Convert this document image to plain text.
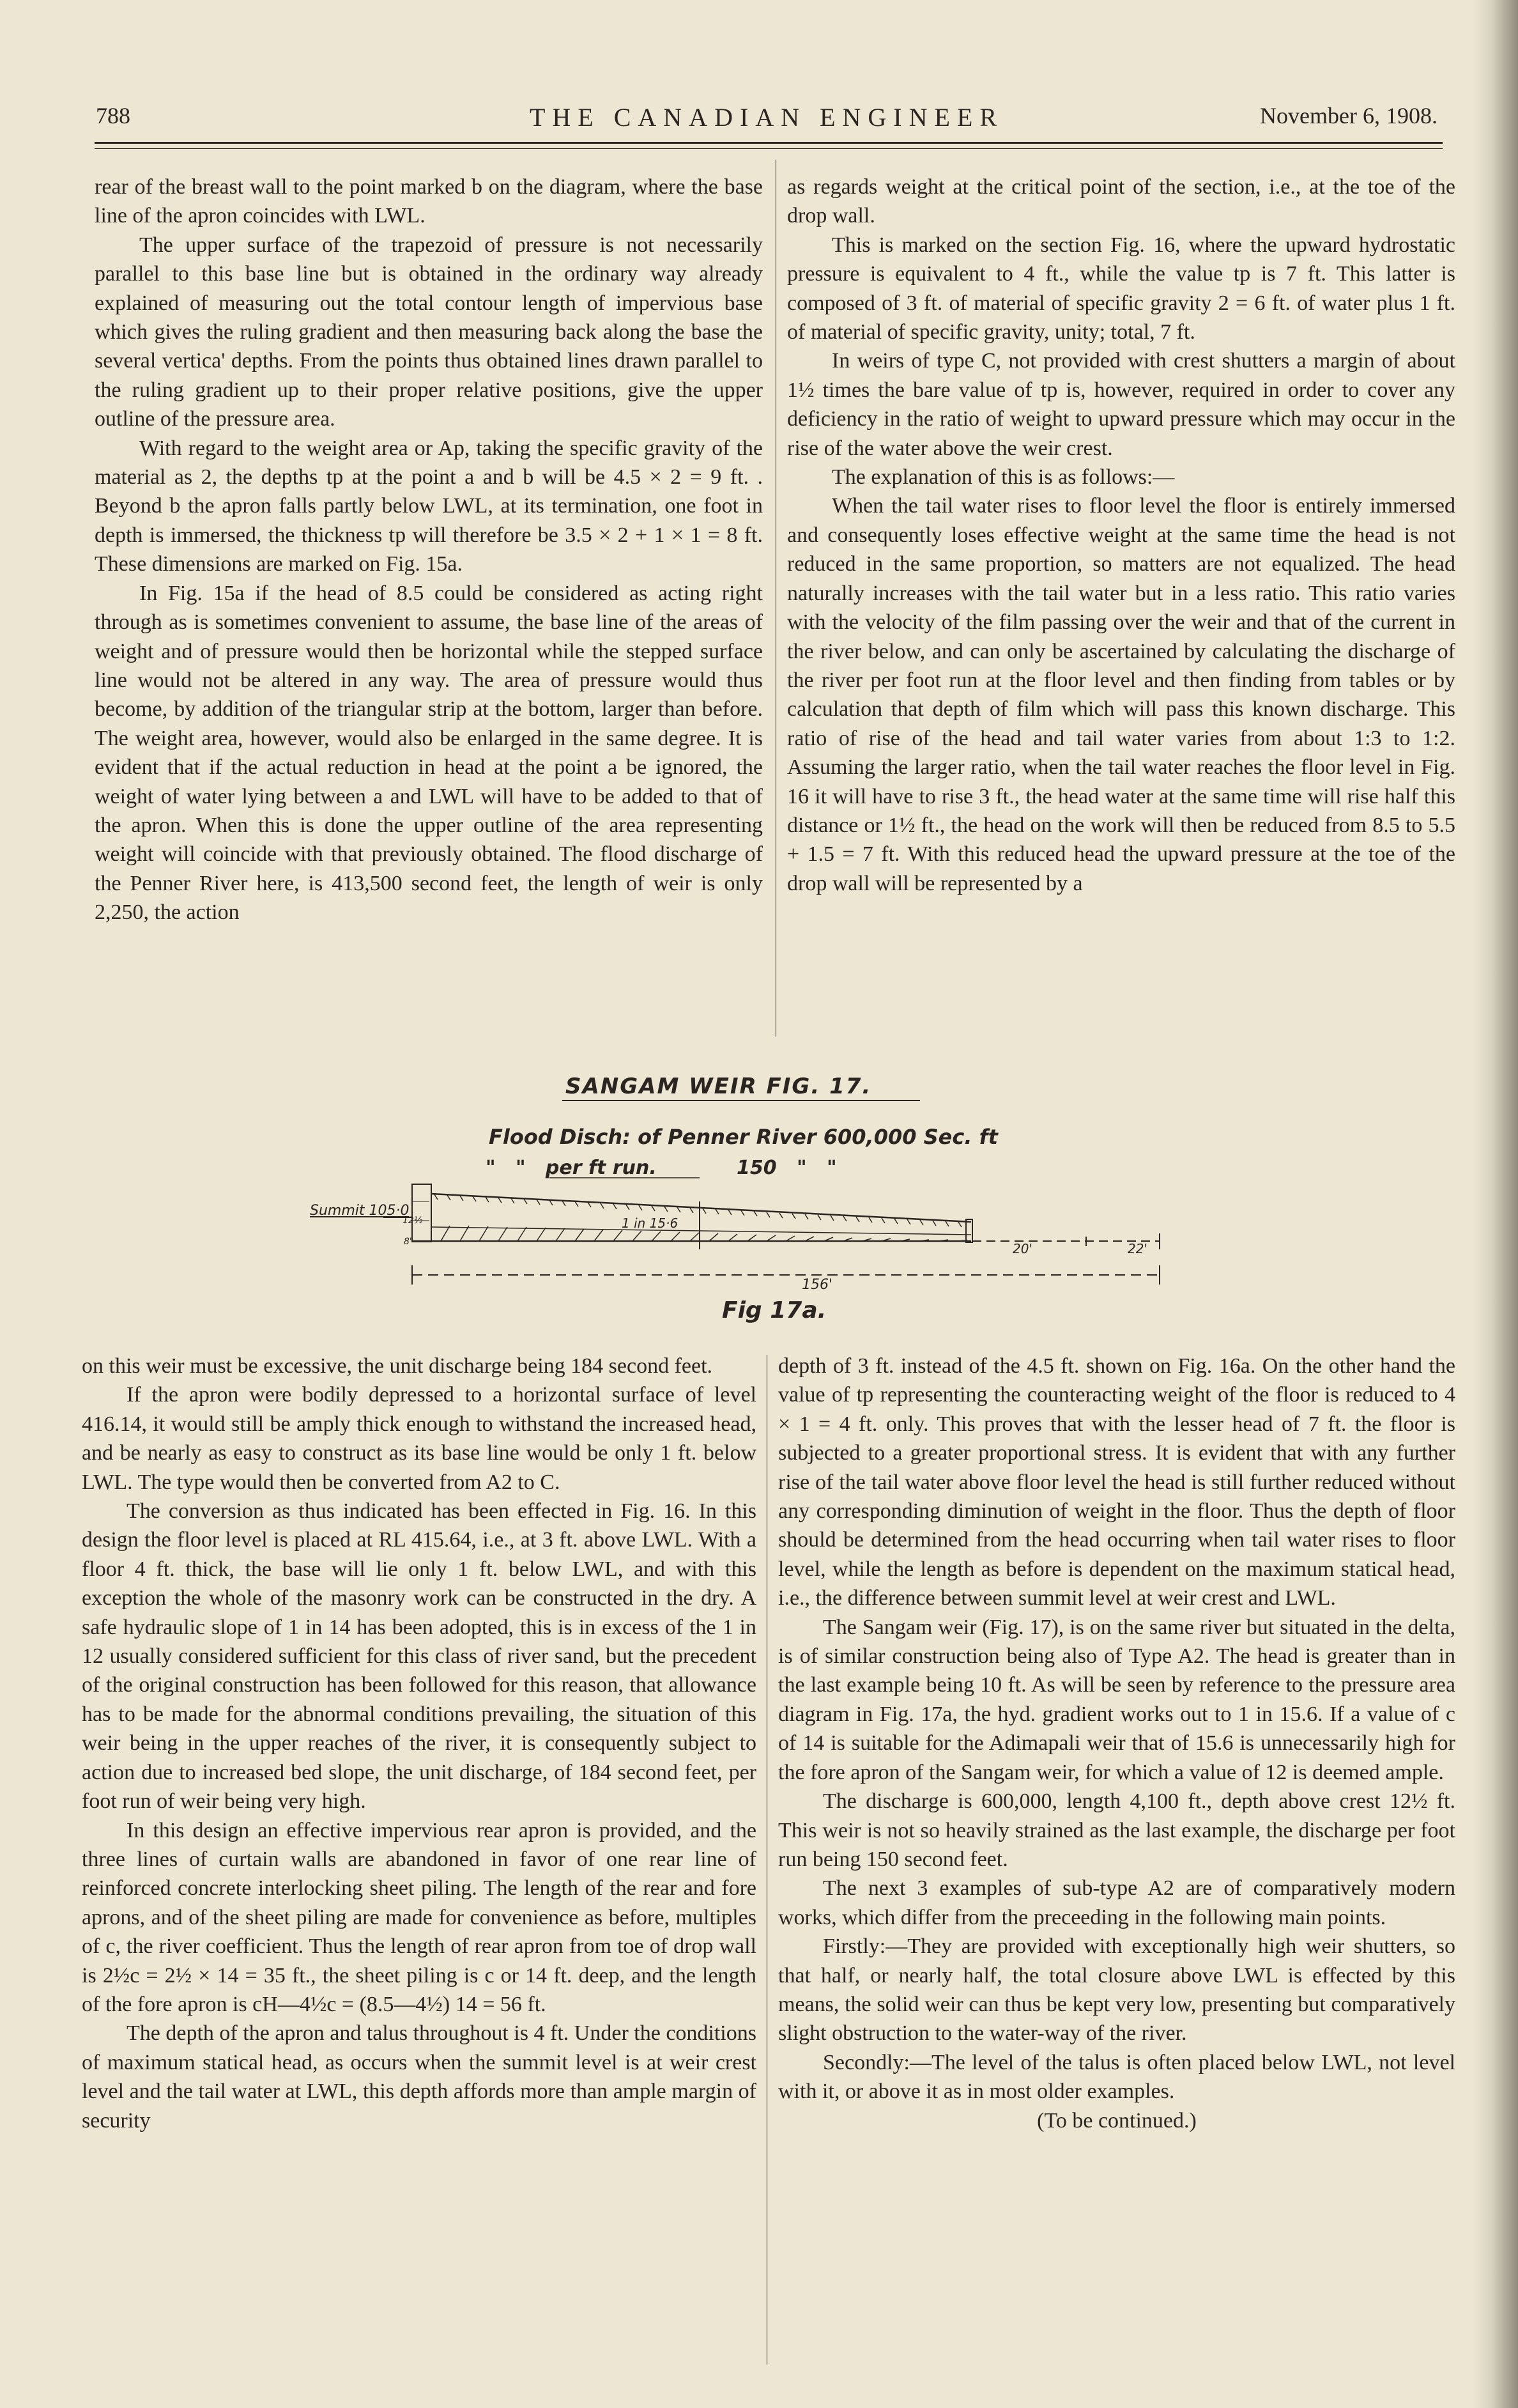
788	THE CANADIAN ENGINEER	November 6, 1908.

rear of the breast wall to the point marked b on the diagram, where the base line of the apron coincides with LWL.

The upper surface of the trapezoid of pressure is not necessarily parallel to this base line but is obtained in the ordinary way already explained of measuring out the total contour length of impervious base which gives the ruling gradient and then measuring back along the base the several vertica' depths. From the points thus obtained lines drawn parallel to the ruling gradient up to their proper relative positions, give the upper outline of the pressure area.

With regard to the weight area or Ap, taking the specific gravity of the material as 2, the depths tp at the point a and b will be 4.5 × 2 = 9 ft. . Beyond b the apron falls partly below LWL, at its termination, one foot in depth is immersed, the thickness tp will therefore be 3.5 × 2 + 1 × 1 = 8 ft. These dimensions are marked on Fig. 15a.

In Fig. 15a if the head of 8.5 could be considered as acting right through as is sometimes convenient to assume, the base line of the areas of weight and of pressure would then be horizontal while the stepped surface line would not be altered in any way. The area of pressure would thus become, by addition of the triangular strip at the bottom, larger than before. The weight area, however, would also be enlarged in the same degree. It is evident that if the actual reduction in head at the point a be ignored, the weight of water lying between a and LWL will have to be added to that of the apron. When this is done the upper outline of the area representing weight will coincide with that previously obtained. The flood discharge of the Penner River here, is 413,500 second feet, the length of weir is only 2,250, the action

as regards weight at the critical point of the section, i.e., at the toe of the drop wall.

This is marked on the section Fig. 16, where the upward hydrostatic pressure is equivalent to 4 ft., while the value tp is 7 ft. This latter is composed of 3 ft. of material of specific gravity 2 = 6 ft. of water plus 1 ft. of material of specific gravity, unity; total, 7 ft.

In weirs of type C, not provided with crest shutters a margin of about 1½ times the bare value of tp is, however, required in order to cover any deficiency in the ratio of weight to upward pressure which may occur in the rise of the water above the weir crest.

The explanation of this is as follows:—

When the tail water rises to floor level the floor is entirely immersed and consequently loses effective weight at the same time the head is not reduced in the same proportion, so matters are not equalized. The head naturally increases with the tail water but in a less ratio. This ratio varies with the velocity of the film passing over the weir and that of the current in the river below, and can only be ascertained by calculating the discharge of the river per foot run at the floor level and then finding from tables or by calculation that depth of film which will pass this known discharge. This ratio of rise of the head and tail water varies from about 1:3 to 1:2. Assuming the larger ratio, when the tail water reaches the floor level in Fig. 16 it will have to rise 3 ft., the head water at the same time will rise half this distance or 1½ ft., the head on the work will then be reduced from 8.5 to 5.5 + 1.5 = 7 ft. With this reduced head the upward pressure at the toe of the drop wall will be represented by a

SANGAM WEIR FIG. 17.
Flood Disch: of Penner River 600,000 Sec. ft
"   "   per ft run.            150   "   "
Summit 105·0
1 in 15·6
20'	22'
156'
12½
8'
Fig 17a.

on this weir must be excessive, the unit discharge being 184 second feet.

If the apron were bodily depressed to a horizontal surface of level 416.14, it would still be amply thick enough to withstand the increased head, and be nearly as easy to construct as its base line would be only 1 ft. below LWL. The type would then be converted from A2 to C.

The conversion as thus indicated has been effected in Fig. 16. In this design the floor level is placed at RL 415.64, i.e., at 3 ft. above LWL. With a floor 4 ft. thick, the base will lie only 1 ft. below LWL, and with this exception the whole of the masonry work can be constructed in the dry. A safe hydraulic slope of 1 in 14 has been adopted, this is in excess of the 1 in 12 usually considered sufficient for this class of river sand, but the precedent of the original construction has been followed for this reason, that allowance has to be made for the abnormal conditions prevailing, the situation of this weir being in the upper reaches of the river, it is consequently subject to action due to increased bed slope, the unit discharge, of 184 second feet, per foot run of weir being very high.

In this design an effective impervious rear apron is provided, and the three lines of curtain walls are abandoned in favor of one rear line of reinforced concrete interlocking sheet piling. The length of the rear and fore aprons, and of the sheet piling are made for convenience as before, multiples of c, the river coefficient. Thus the length of rear apron from toe of drop wall is 2½c = 2½ × 14 = 35 ft., the sheet piling is c or 14 ft. deep, and the length of the fore apron is cH—4½c = (8.5—4½) 14 = 56 ft.

The depth of the apron and talus throughout is 4 ft. Under the conditions of maximum statical head, as occurs when the summit level is at weir crest level and the tail water at LWL, this depth affords more than ample margin of security

depth of 3 ft. instead of the 4.5 ft. shown on Fig. 16a. On the other hand the value of tp representing the counteracting weight of the floor is reduced to 4 × 1 = 4 ft. only. This proves that with the lesser head of 7 ft. the floor is subjected to a greater proportional stress. It is evident that with any further rise of the tail water above floor level the head is still further reduced without any corresponding diminution of weight in the floor. Thus the depth of floor should be determined from the head occurring when tail water rises to floor level, while the length as before is dependent on the maximum statical head, i.e., the difference between summit level at weir crest and LWL.

The Sangam weir (Fig. 17), is on the same river but situated in the delta, is of similar construction being also of Type A2. The head is greater than in the last example being 10 ft. As will be seen by reference to the pressure area diagram in Fig. 17a, the hyd. gradient works out to 1 in 15.6. If a value of c of 14 is suitable for the Adimapali weir that of 15.6 is unnecessarily high for the fore apron of the Sangam weir, for which a value of 12 is deemed ample.

The discharge is 600,000, length 4,100 ft., depth above crest 12½ ft. This weir is not so heavily strained as the last example, the discharge per foot run being 150 second feet.

The next 3 examples of sub-type A2 are of comparatively modern works, which differ from the preceeding in the following main points.

Firstly:—They are provided with exceptionally high weir shutters, so that half, or nearly half, the total closure above LWL is effected by this means, the solid weir can thus be kept very low, presenting but comparatively slight obstruction to the water-way of the river.

Secondly:—The level of the talus is often placed below LWL, not level with it, or above it as in most older examples.

(To be continued.)
